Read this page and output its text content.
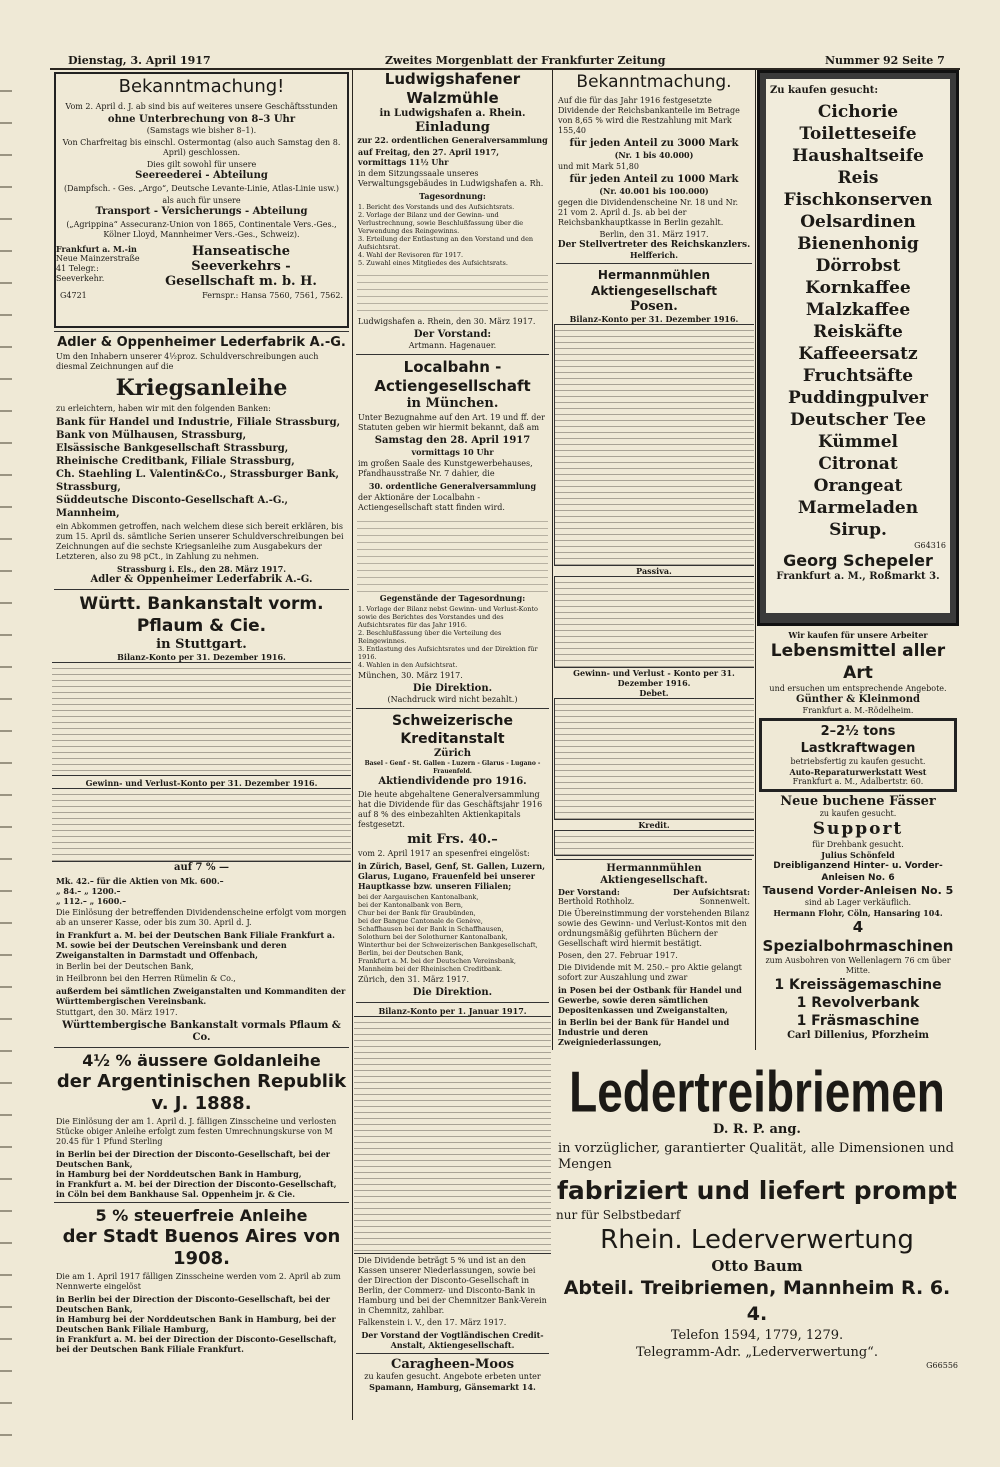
Dienstag, 3. April 1917	Zweites Morgenblatt der Frankfurter Zeitung	Nummer 92 Seite 7
Bekanntmachung!
Vom 2. April d. J. ab sind bis auf weiteres unsere Geschäftsstunden
ohne Unterbrechung von 8–3 Uhr
(Samstags wie bisher 8–1).
Von Charfreitag bis einschl. Ostermontag (also auch Samstag den 8. April) geschlossen.
Dies gilt sowohl für unsere
Seereederei - Abteilung
(Dampfsch. - Ges. „Argo“, Deutsche Levante-Linie, Atlas-Linie usw.)
als auch für unsere
Transport - Versicherungs - Abteilung
(„Agrippina“ Assecuranz-Union von 1865, Continentale Vers.-Ges., Kölner Lloyd, Mannheimer Vers.-Ges., Schweiz).
Frankfurt a. M.-in
Neue Mainzerstraße 41 Telegr.: Seeverkehr.
Hanseatische Seeverkehrs - Gesellschaft m. b. H.
G4721	Fernspr.: Hansa 7560, 7561, 7562.
Adler & Oppenheimer Lederfabrik A.-G.
Um den Inhabern unserer 4½proz. Schuldverschreibungen auch diesmal Zeichnungen auf die
Kriegsanleihe
zu erleichtern, haben wir mit den folgenden Banken:
Bank für Handel und Industrie, Filiale Strassburg,
Bank von Mülhausen, Strassburg,
Elsässische Bankgesellschaft Strassburg,
Rheinische Creditbank, Filiale Strassburg,
Ch. Staehling L. Valentin&Co., Strassburger Bank, Strassburg,
Süddeutsche Disconto-Gesellschaft A.-G., Mannheim,
ein Abkommen getroffen, nach welchem diese sich bereit erklären, bis zum 15. April ds. sämtliche Serien unserer Schuldverschreibungen bei Zeichnungen auf die sechste Kriegsanleihe zum Ausgabekurs der Letzteren, also zu 98 pCt., in Zahlung zu nehmen.
Strassburg i. Els., den 28. März 1917.
Adler & Oppenheimer Lederfabrik A.-G.
Württ. Bankanstalt vorm. Pflaum & Cie.
in Stuttgart.
Bilanz-Konto per 31. Dezember 1916.
Gewinn- und Verlust-Konto per 31. Dezember 1916.
auf 7 % —
Mk. 42.– für die Aktien von Mk. 600.–
„ 84.– „ 1200.–
„ 112.– „ 1600.–
Die Einlösung der betreffenden Dividendenscheine erfolgt vom morgen ab an unserer Kasse, oder bis zum 30. April d. J.
in Frankfurt a. M. bei der Deutschen Bank Filiale Frankfurt a. M. sowie bei der Deutschen Vereinsbank und deren Zweiganstalten in Darmstadt und Offenbach,
in Berlin bei der Deutschen Bank,
in Heilbronn bei den Herren Rümelin & Co.,
außerdem bei sämtlichen Zweiganstalten und Kommanditen der Württembergischen Vereinsbank.
Stuttgart, den 30. März 1917.
Württembergische Bankanstalt vormals Pflaum & Co.
4½ % äussere Goldanleihe
der Argentinischen Republik v. J. 1888.
Die Einlösung der am 1. April d. J. fälligen Zinsscheine und verlosten Stücke obiger Anleihe erfolgt zum festen Umrechnungskurse von M 20.45 für 1 Pfund Sterling
in Berlin bei der Direction der Disconto-Gesellschaft, bei der Deutschen Bank,
in Hamburg bei der Norddeutschen Bank in Hamburg,
in Frankfurt a. M. bei der Direction der Disconto-Gesellschaft,
in Cöln bei dem Bankhause Sal. Oppenheim jr. & Cie.
5 % steuerfreie Anleihe
der Stadt Buenos Aires von 1908.
Die am 1. April 1917 fälligen Zinsscheine werden vom 2. April ab zum Nennwerte eingelöst
in Berlin bei der Direction der Disconto-Gesellschaft, bei der Deutschen Bank,
in Hamburg bei der Norddeutschen Bank in Hamburg, bei der Deutschen Bank Filiale Hamburg,
in Frankfurt a. M. bei der Direction der Disconto-Gesellschaft, bei der Deutschen Bank Filiale Frankfurt.
Ludwigshafener Walzmühle
in Ludwigshafen a. Rhein.
Einladung
zur 22. ordentlichen Generalversammlung
auf Freitag, den 27. April 1917, vormittags 11½ Uhr
in dem Sitzungssaale unseres Verwaltungsgebäudes in Ludwigshafen a. Rh.
Tagesordnung:
1. Bericht des Vorstands und des Aufsichtsrats.
2. Vorlage der Bilanz und der Gewinn- und Verlustrechnung, sowie Beschlußfassung über die Verwendung des Reingewinns.
3. Erteilung der Entlastung an den Vorstand und den Aufsichtsrat.
4. Wahl der Revisoren für 1917.
5. Zuwahl eines Mitgliedes des Aufsichtsrats.
Ludwigshafen a. Rhein, den 30. März 1917.
Der Vorstand:
Artmann. Hagenauer.
Localbahn - Actiengesellschaft
in München.
Unter Bezugnahme auf den Art. 19 und ff. der Statuten geben wir hiermit bekannt, daß am
Samstag den 28. April 1917
vormittags 10 Uhr
im großen Saale des Kunstgewerbehauses, Pfandhausstraße Nr. 7 dahier, die
30. ordentliche Generalversammlung
der Aktionäre der Localbahn - Actiengesellschaft statt finden wird.
Gegenstände der Tagesordnung:
1. Vorlage der Bilanz nebst Gewinn- und Verlust-Konto sowie des Berichtes des Vorstandes und des Aufsichtsrates für das Jahr 1916.
2. Beschlußfassung über die Verteilung des Reingewinnes.
3. Entlastung des Aufsichtsrates und der Direktion für 1916.
4. Wahlen in den Aufsichtsrat.
München, 30. März 1917.
Die Direktion.
(Nachdruck wird nicht bezahlt.)
Schweizerische Kreditanstalt
Zürich
Basel - Genf - St. Gallen - Luzern - Glarus - Lugano - Frauenfeld.
Aktiendividende pro 1916.
Die heute abgehaltene Generalversammlung hat die Dividende für das Geschäftsjahr 1916 auf 8 % des einbezahlten Aktienkapitals festgesetzt.
mit Frs. 40.–
vom 2. April 1917 an spesenfrei eingelöst:
in Zürich, Basel, Genf, St. Gallen, Luzern, Glarus, Lugano, Frauenfeld bei unserer Hauptkasse bzw. unseren Filialen;
bei der Aargauischen Kantonalbank,
bei der Kantonalbank von Bern,
Chur bei der Bank für Graubünden,
bei der Banque Cantonale de Genève,
Schaffhausen bei der Bank in Schaffhausen,
Solothurn bei der Solothurner Kantonalbank,
Winterthur bei der Schweizerischen Bankgesellschaft,
Berlin, bei der Deutschen Bank,
Frankfurt a. M. bei der Deutschen Vereinsbank,
Mannheim bei der Rheinischen Creditbank.
Zürich, den 31. März 1917.
Die Direktion.
Bilanz-Konto per 1. Januar 1917.
Die Dividende beträgt 5 % und ist an den Kassen unserer Niederlassungen, sowie bei der Direction der Disconto-Gesellschaft in Berlin, der Commerz- und Disconto-Bank in Hamburg und bei der Chemnitzer Bank-Verein in Chemnitz, zahlbar.
Falkenstein i. V., den 17. März 1917.
Der Vorstand der Vogtländischen Credit-Anstalt, Aktiengesellschaft.
Caragheen-Moos
zu kaufen gesucht. Angebote erbeten unter
Spamann, Hamburg, Gänsemarkt 14.
Bekanntmachung.
Auf die für das Jahr 1916 festgesetzte Dividende der Reichsbankanteile im Betrage von 8,65 % wird die Restzahlung mit Mark 155,40
für jeden Anteil zu 3000 Mark
(Nr. 1 bis 40.000)
und mit Mark 51,80
für jeden Anteil zu 1000 Mark
(Nr. 40.001 bis 100.000)
gegen die Dividendenscheine Nr. 18 und Nr. 21 vom 2. April d. Js. ab bei der Reichsbankhauptkasse in Berlin gezahlt.
Berlin, den 31. März 1917.
Der Stellvertreter des Reichskanzlers.
Helfferich.
Hermannmühlen Aktiengesellschaft
Posen.
Bilanz-Konto per 31. Dezember 1916.
Passiva.
Gewinn- und Verlust - Konto per 31. Dezember 1916.
Debet.
Kredit.
Hermannmühlen Aktiengesellschaft.
Der Vorstand:	Der Aufsichtsrat:
Berthold Rothholz.	Sonnenwelt.
Die Übereinstimmung der vorstehenden Bilanz sowie des Gewinn- und Verlust-Kontos mit den ordnungsmäßig geführten Büchern der Gesellschaft wird hiermit bestätigt.
Posen, den 27. Februar 1917.
Die Dividende mit M. 250.– pro Aktie gelangt sofort zur Auszahlung und zwar
in Posen bei der Ostbank für Handel und Gewerbe, sowie deren sämtlichen Depositenkassen und Zweiganstalten,
in Berlin bei der Bank für Handel und Industrie und deren Zweigniederlassungen,
Zu kaufen gesucht:
Cichorie
Toiletteseife
Haushaltseife
Reis
Fischkonserven
Oelsardinen
Bienenhonig
Dörrobst
Kornkaffee
Malzkaffee
Reiskäfte
Kaffeeersatz
Fruchtsäfte
Puddingpulver
Deutscher Tee
Kümmel
Citronat
Orangeat
Marmeladen
Sirup.
G64316
Georg Schepeler
Frankfurt a. M., Roßmarkt 3.
Wir kaufen für unsere Arbeiter
Lebensmittel aller Art
und ersuchen um entsprechende Angebote.
Günther & Kleinmond
Frankfurt a. M.-Rödelheim.
2–2½ tons Lastkraftwagen
betriebsfertig zu kaufen gesucht.
Auto-Reparaturwerkstatt West
Frankfurt a. M., Adalbertstr. 60.
Neue buchene Fässer
zu kaufen gesucht.
Support
für Drehbank gesucht.
Julius Schönfeld
Dreibliganzend Hinter- u. Vorder-Anleisen No. 6
Tausend Vorder-Anleisen No. 5
sind ab Lager verkäuflich.
Hermann Flohr, Cöln, Hansaring 104.
4 Spezialbohrmaschinen
zum Ausbohren von Wellenlagern 76 cm über Mitte.
1 Kreissägemaschine
1 Revolverbank
1 Fräsmaschine
Carl Dillenius, Pforzheim
Ledertreibriemen
D. R. P. ang.
in vorzüglicher, garantierter Qualität, alle Dimensionen und Mengen
fabriziert und liefert prompt
nur für Selbstbedarf
Rhein. Lederverwertung
Otto Baum
Abteil. Treibriemen, Mannheim R. 6. 4.
Telefon 1594, 1779, 1279.
Telegramm-Adr. „Lederverwertung“.
G66556
